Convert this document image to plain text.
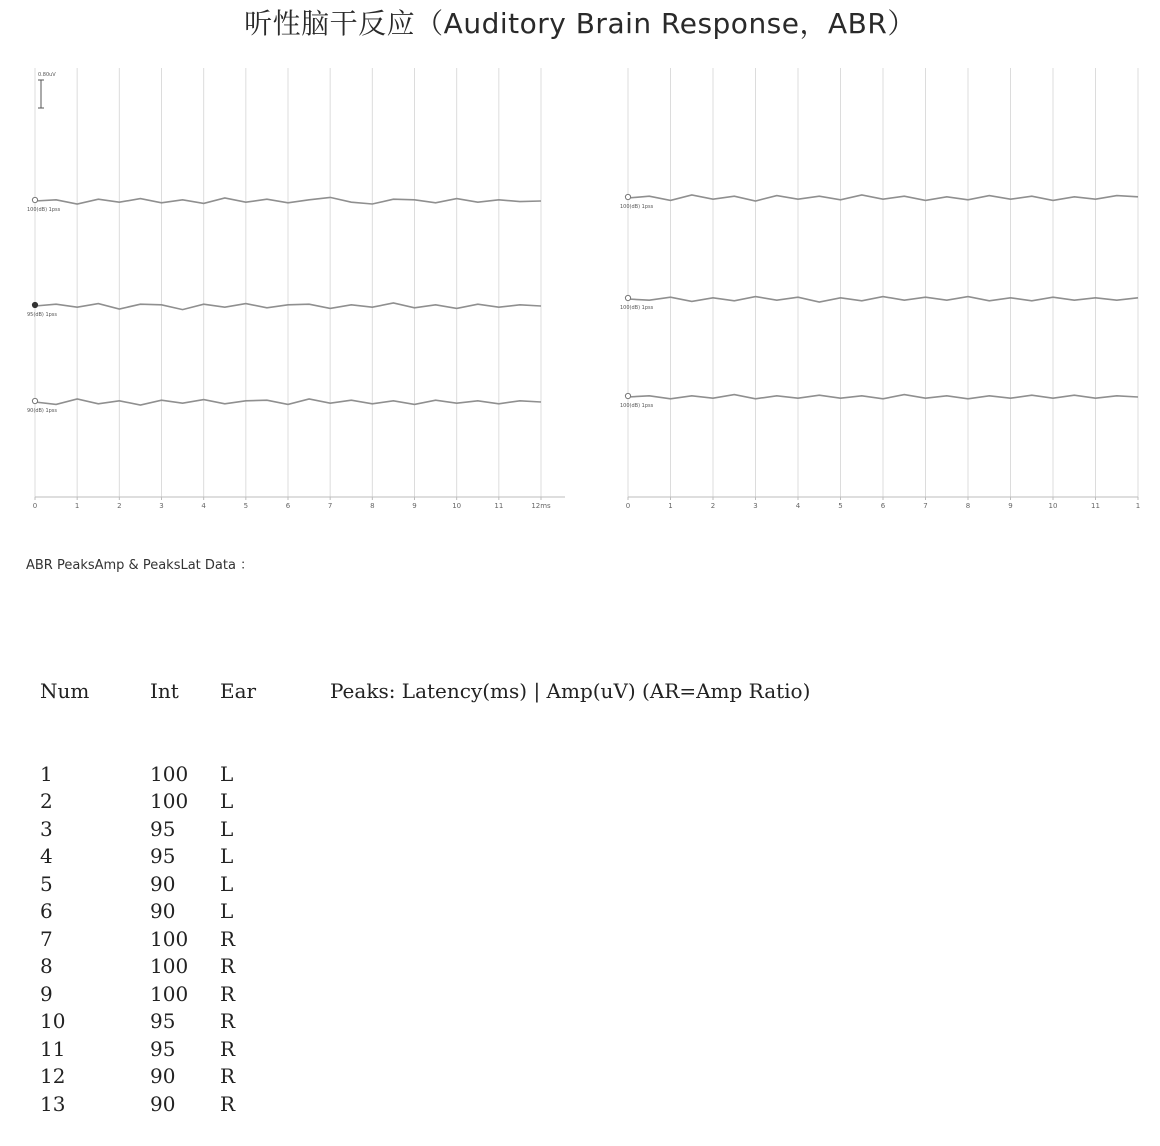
听性脑干反应（Auditory Brain Response，ABR）
0	1	2	3	4	5	6	7	8	9	10	11	12ms
0.80uV
100(dB) 1pss
95(dB) 1pss
90(dB) 1pss
0	1	2	3	4	5	6	7	8	9	10	11	1
100(dB) 1pss
100(dB) 1pss
100(dB) 1pss
ABR PeaksAmp & PeaksLat Data ：

Num	Int	Ear	Peaks: Latency(ms) | Amp(uV) (AR=Amp Ratio)

1	100	L
2	100	L
3	95	L
4	95	L
5	90	L
6	90	L
7	100	R
8	100	R
9	100	R
10	95	R
11	95	R
12	90	R
13	90	R
